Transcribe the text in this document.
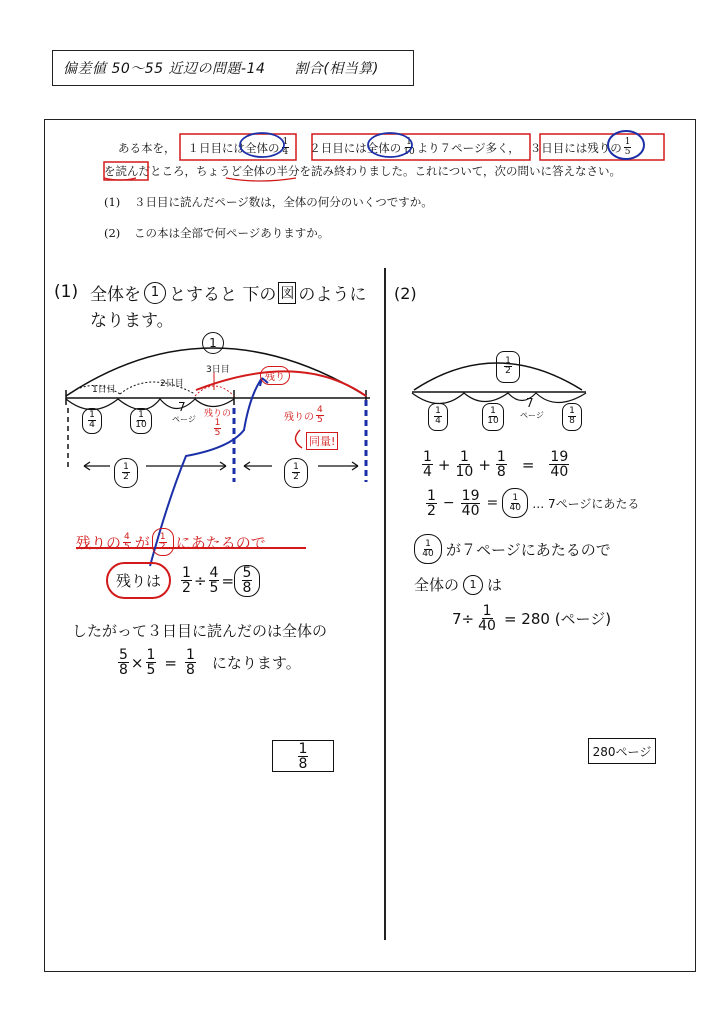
偏差値 50～55 近辺の問題-14　　割合(相当算)
ある本を， １日目には全体の $\frac{1}{4} 2$日目には全体の $\frac{1}{10}$ より７ページ多く， ３日目には残りの $\frac{1}{5}$
を読んだところ，ちょうど全体の半分を読み終わりました。これについて，次の問いに答えなさい。
(1) ３日目に読んだページ数は，全体の何分のいくつですか。
(2) この本は全部で何ページありますか。
(1) 全体を 1 とすると 下の 図 のように
なります。
1
1日目
2日目
3日目
残り
$\frac{1}{4}$	$\frac{1}{10}$
7
ページ
残りの
$\frac{1}{5}$
残りの $\frac{4}{5}$
同量!
$\frac{1}{2}$	$\frac{1}{2}$
残りの $\frac{4}{5}$ が $\frac{1}{2}$ にあたるので
残りは	$\frac{1}{2} \div \frac{4}{5} = \frac{5}{8}$
したがって３日目に読んだのは全体の
$\frac{5}{8} \times \frac{1}{5} = \frac{1}{8}$ になります。
$\frac{1}{8}$
(2)
$\frac{1}{2}$
$\frac{1}{4}$	$\frac{1}{10}$
7
ページ	$\frac{1}{8}$
$\frac{1}{4} + \frac{1}{10} + \frac{1}{8} = \frac{19}{40}$
$\frac{1}{2} - \frac{19}{40} = \frac{1}{40}$ … 7ページにあたる
$\frac{1}{40}$ が７ページにあたるので
全体の 1 は
$7\div \frac{1}{40} = 280$ (ページ)
280ページ
